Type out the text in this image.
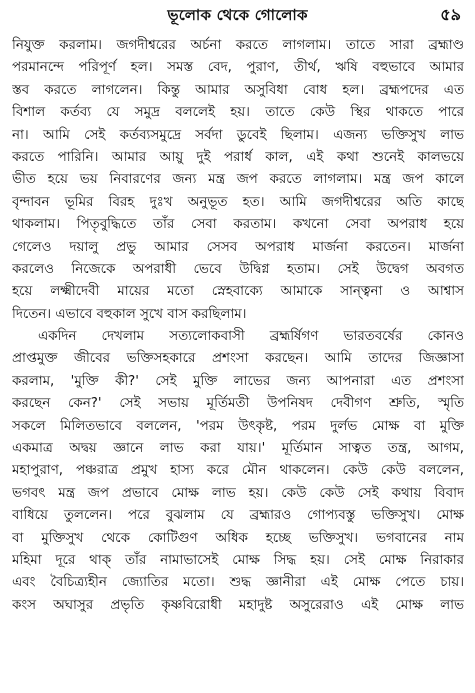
ভূলোক থেকে গোলোক	৫৯
নিযুক্ত করলাম। জগদীশ্বরের অর্চনা করতে লাগলাম। তাতে সারা ব্রহ্মাণ্ড
পরমানন্দে পরিপূর্ণ হল। সমস্ত বেদ, পুরাণ, তীর্থ, ঋষি বহুভাবে আমার
স্তব করতে লাগলেন। কিন্তু আমার অসুবিধা বোধ হল। ব্রহ্মপদের এত
বিশাল কর্তব্য যে সমুদ্র বললেই হয়। তাতে কেউ স্থির থাকতে পারে
না। আমি সেই কর্তব্যসমুদ্রে সর্বদা ডুবেই ছিলাম। এজন্য ভক্তিসুখ লাভ
করতে পারিনি। আমার আয়ু দুই পরার্ধ কাল, এই কথা শুনেই কালভয়ে
ভীত হয়ে ভয় নিবারণের জন্য মন্ত্র জপ করতে লাগলাম। মন্ত্র জপ কালে
বৃন্দাবন ভূমির বিরহ দুঃখ অনুভূত হত। আমি জগদীশ্বরের অতি কাছে
থাকলাম। পিতৃবুদ্ধিতে তাঁর সেবা করতাম। কখনো সেবা অপরাধ হয়ে
গেলেও দয়ালু প্রভু আমার সেসব অপরাধ মার্জনা করতেন। মার্জনা
করলেও নিজেকে অপরাধী ভেবে উদ্বিগ্ন হতাম। সেই উদ্বেগ অবগত
হয়ে লক্ষ্মীদেবী মায়ের মতো স্নেহবাক্যে আমাকে সান্ত্বনা ও আশ্বাস
দিতেন। এভাবে বহুকাল সুখে বাস করছিলাম।
একদিন দেখলাম সত্যলোকবাসী ব্রহ্মর্ষিগণ ভারতবর্ষের কোনও
প্রাপ্তমুক্ত জীবের ভক্তিসহকারে প্রশংসা করছেন। আমি তাদের জিজ্ঞাসা
করলাম, 'মুক্তি কী?' সেই মুক্তি লাভের জন্য আপনারা এত প্রশংসা
করছেন কেন?' সেই সভায় মূর্তিমতী উপনিষদ দেবীগণ শ্রুতি, স্মৃতি
সকলে মিলিতভাবে বললেন, 'পরম উৎকৃষ্ট, পরম দুর্লভ মোক্ষ বা মুক্তি
একমাত্র অদ্বয় জ্ঞানে লাভ করা যায়।' মূর্তিমান সাত্বত তন্ত্র, আগম,
মহাপুরাণ, পঞ্চরাত্র প্রমুখ হাস্য করে মৌন থাকলেন। কেউ কেউ বললেন,
ভগবৎ মন্ত্র জপ প্রভাবে মোক্ষ লাভ হয়। কেউ কেউ সেই কথায় বিবাদ
বাধিয়ে তুললেন। পরে বুঝলাম যে ব্রহ্মারও গোপ্যবস্তু ভক্তিসুখ। মোক্ষ
বা মুক্তিসুখ থেকে কোটিগুণ অধিক হচ্ছে ভক্তিসুখ। ভগবানের নাম
মহিমা দূরে থাক্ তাঁর নামাভাসেই মোক্ষ সিদ্ধ হয়। সেই মোক্ষ নিরাকার
এবং বৈচিত্র্যহীন জ্যোতির মতো। শুদ্ধ জ্ঞানীরা এই মোক্ষ পেতে চায়।
কংস অঘাসুর প্রভৃতি কৃষ্ণবিরোধী মহাদুষ্ট অসুরেরাও এই মোক্ষ লাভ
